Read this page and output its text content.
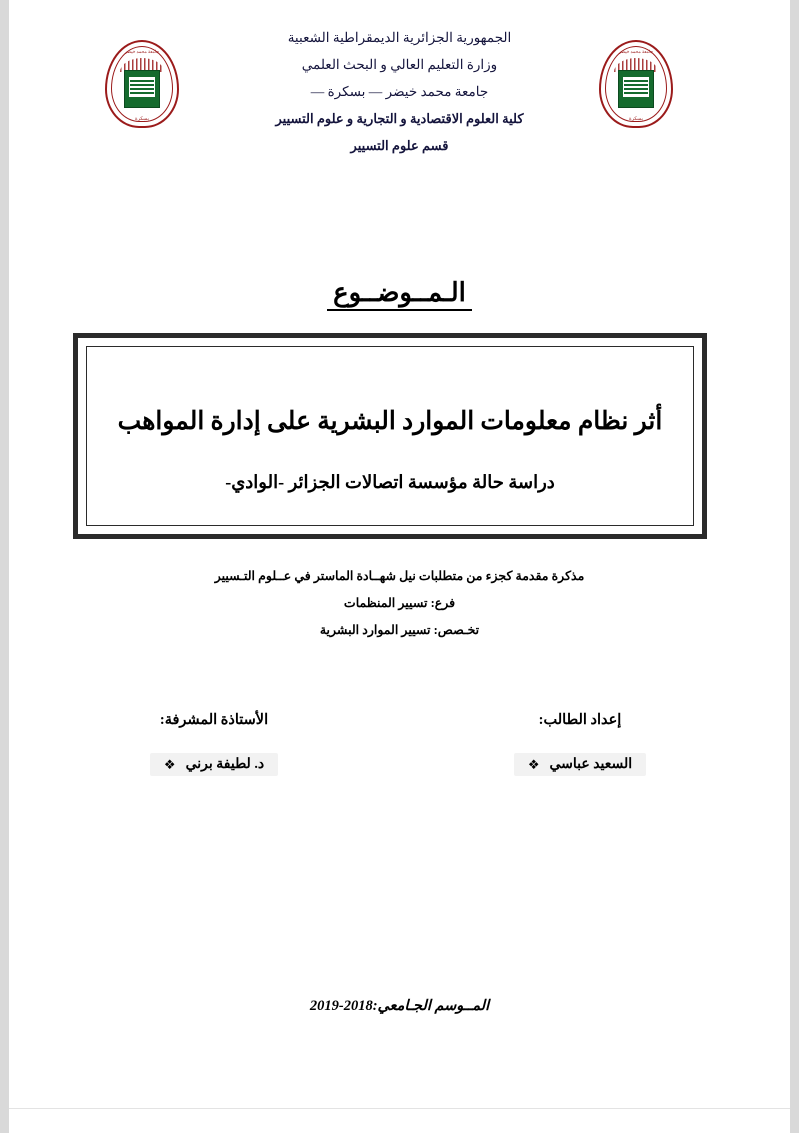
جامعة محمد خيضر
بسكرة
جامعة محمد خيضر
بسكرة

الجمهورية الجزائرية الديمقراطية الشعبية

وزارة التعليم العالي و البحث العلمي

جامعة محمد خيضر — بسكرة —

كلية العلوم الاقتصادية و التجارية و علوم التسيير

قسم علوم التسيير

الـمــوضــوع
أثر نظام معلومات الموارد البشرية على إدارة المواهب
دراسة حالة مؤسسة اتصالات الجزائر -الوادي-
مذكرة مقدمة كجزء من متطلبات نيل شهــادة الماستر في عــلوم التـسيير
فرع: تسيير المنظمات
تخـصص: تسيير الموارد البشرية
إعداد الطالب:
السعيد عباسي
❖
الأستاذة المشرفة:
د. لطيفة برني
❖
المــوسم الجـامعي:2018-2019
